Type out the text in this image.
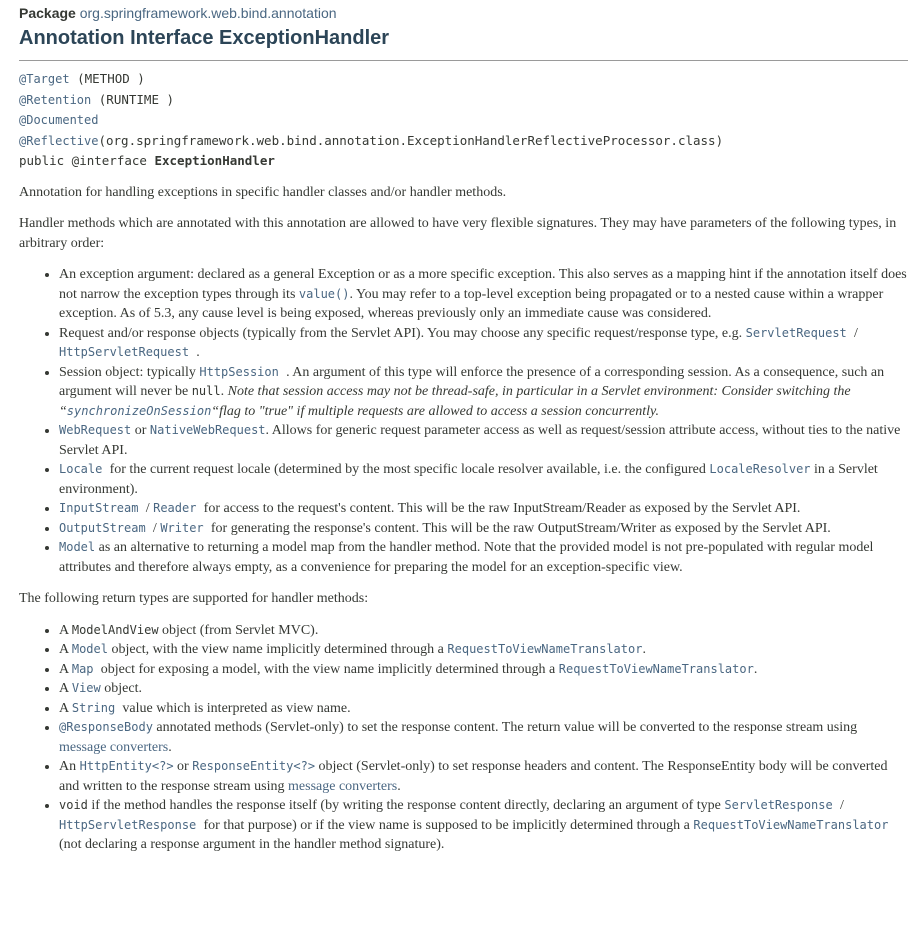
Package org.springframework.web.bind.annotation
Annotation Interface ExceptionHandler
@Target (METHOD )
@Retention (RUNTIME )
@Documented
@Reflective(org.springframework.web.bind.annotation.ExceptionHandlerReflectiveProcessor.class)
public @interface ExceptionHandler

Annotation for handling exceptions in specific handler classes and/or handler methods.

Handler methods which are annotated with this annotation are allowed to have very flexible signatures. They may have parameters of the following types, in arbitrary order:

• An exception argument: declared as a general Exception or as a more specific exception. This also serves as a mapping hint if the annotation itself does not narrow the exception types through its value(). You may refer to a top-level exception being propagated or to a nested cause within a wrapper exception. As of 5.3, any cause level is being exposed, whereas previously only an immediate cause was considered.
• Request and/or response objects (typically from the Servlet API). You may choose any specific request/response type, e.g. ServletRequest / HttpServletRequest .
• Session object: typically HttpSession . An argument of this type will enforce the presence of a corresponding session. As a consequence, such an argument will never be null. Note that session access may not be thread-safe, in particular in a Servlet environment: Consider switching the “synchronizeOnSession“flag to "true" if multiple requests are allowed to access a session concurrently.
• WebRequest or NativeWebRequest. Allows for generic request parameter access as well as request/session attribute access, without ties to the native Servlet API.
• Locale for the current request locale (determined by the most specific locale resolver available, i.e. the configured LocaleResolver in a Servlet environment).
• InputStream / Reader for access to the request's content. This will be the raw InputStream/Reader as exposed by the Servlet API.
• OutputStream / Writer for generating the response's content. This will be the raw OutputStream/Writer as exposed by the Servlet API.
• Model as an alternative to returning a model map from the handler method. Note that the provided model is not pre-populated with regular model attributes and therefore always empty, as a convenience for preparing the model for an exception-specific view.

The following return types are supported for handler methods:

• A ModelAndView object (from Servlet MVC).
• A Model object, with the view name implicitly determined through a RequestToViewNameTranslator.
• A Map object for exposing a model, with the view name implicitly determined through a RequestToViewNameTranslator.
• A View object.
• A String value which is interpreted as view name.
• @ResponseBody annotated methods (Servlet-only) to set the response content. The return value will be converted to the response stream using message converters.
• An HttpEntity<?> or ResponseEntity<?> object (Servlet-only) to set response headers and content. The ResponseEntity body will be converted and written to the response stream using message converters.
• void if the method handles the response itself (by writing the response content directly, declaring an argument of type ServletResponse / HttpServletResponse for that purpose) or if the view name is supposed to be implicitly determined through a RequestToViewNameTranslator (not declaring a response argument in the handler method signature).
